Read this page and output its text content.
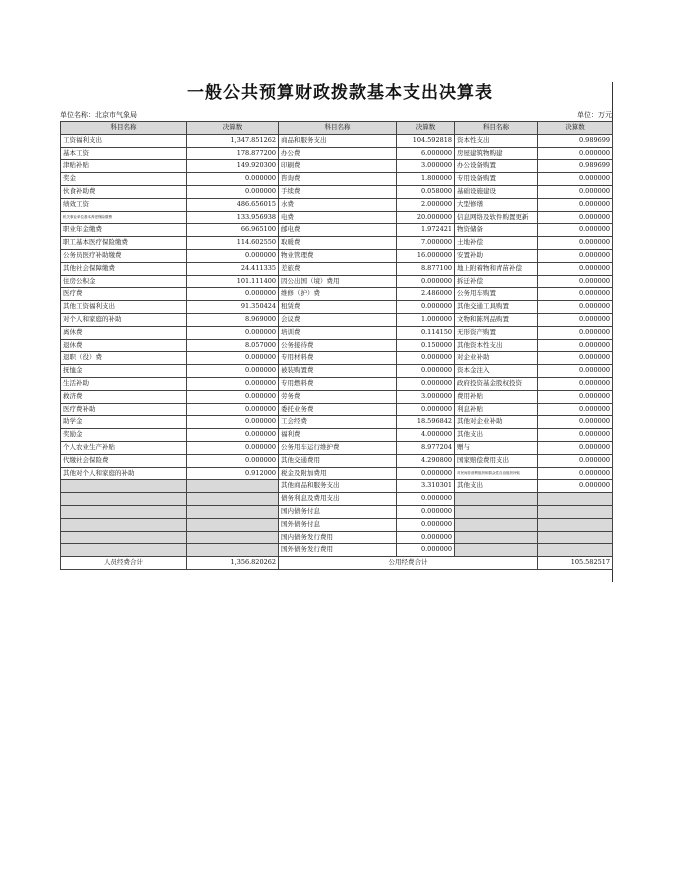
一般公共预算财政拨款基本支出决算表
单位名称：北京市气象局	单位：万元
科目名称	决算数	科目名称	决算数	科目名称	决算数
工资福利支出	1,347.851262	商品和服务支出	104.592818	资本性支出	0.989699
基本工资	178.877200	办公费	6.000000	房屋建筑物购建	0.000000
津贴补贴	149.920300	印刷费	3.000000	办公设备购置	0.989699
奖金	0.000000	咨询费	1.800000	专用设备购置	0.000000
伙食补助费	0.000000	手续费	0.058000	基础设施建设	0.000000
绩效工资	486.656015	水费	2.000000	大型修缮	0.000000
机关事业单位基本养老保险缴费	133.956938	电费	20.000000	信息网络及软件购置更新	0.000000
职业年金缴费	66.965100	邮电费	1.972421	物资储备	0.000000
职工基本医疗保险缴费	114.602550	取暖费	7.000000	土地补偿	0.000000
公务员医疗补助缴费	0.000000	物业管理费	16.000000	安置补助	0.000000
其他社会保障缴费	24.411335	差旅费	8.877100	地上附着物和青苗补偿	0.000000
住房公积金	101.111400	因公出国（境）费用	0.000000	拆迁补偿	0.000000
医疗费	0.000000	维修（护）费	2.486000	公务用车购置	0.000000
其他工资福利支出	91.350424	租赁费	0.000000	其他交通工具购置	0.000000
对个人和家庭的补助	8.969000	会议费	1.000000	文物和陈列品购置	0.000000
离休费	0.000000	培训费	0.114150	无形资产购置	0.000000
退休费	8.057000	公务接待费	0.150000	其他资本性支出	0.000000
退职（役）费	0.000000	专用材料费	0.000000	对企业补助	0.000000
抚恤金	0.000000	被装购置费	0.000000	资本金注入	0.000000
生活补助	0.000000	专用燃料费	0.000000	政府投资基金股权投资	0.000000
救济费	0.000000	劳务费	3.000000	费用补贴	0.000000
医疗费补助	0.000000	委托业务费	0.000000	利息补贴	0.000000
助学金	0.000000	工会经费	18.596842	其他对企业补助	0.000000
奖励金	0.000000	福利费	4.000000	其他支出	0.000000
个人农业生产补贴	0.000000	公务用车运行维护费	8.977204	赠与	0.000000
代缴社会保险费	0.000000	其他交通费用	4.290800	国家赔偿费用支出	0.000000
其他对个人和家庭的补助	0.912000	税金及附加费用	0.000000	对民间非营利组织和群众性自治组织补贴	0.000000
		其他商品和服务支出	3.310301	其他支出	0.000000
		债务利息及费用支出	0.000000		
		国内债务付息	0.000000		
		国外债务付息	0.000000		
		国内债务发行费用	0.000000		
		国外债务发行费用	0.000000		
人员经费合计	1,356.820262	公用经费合计			105.582517
